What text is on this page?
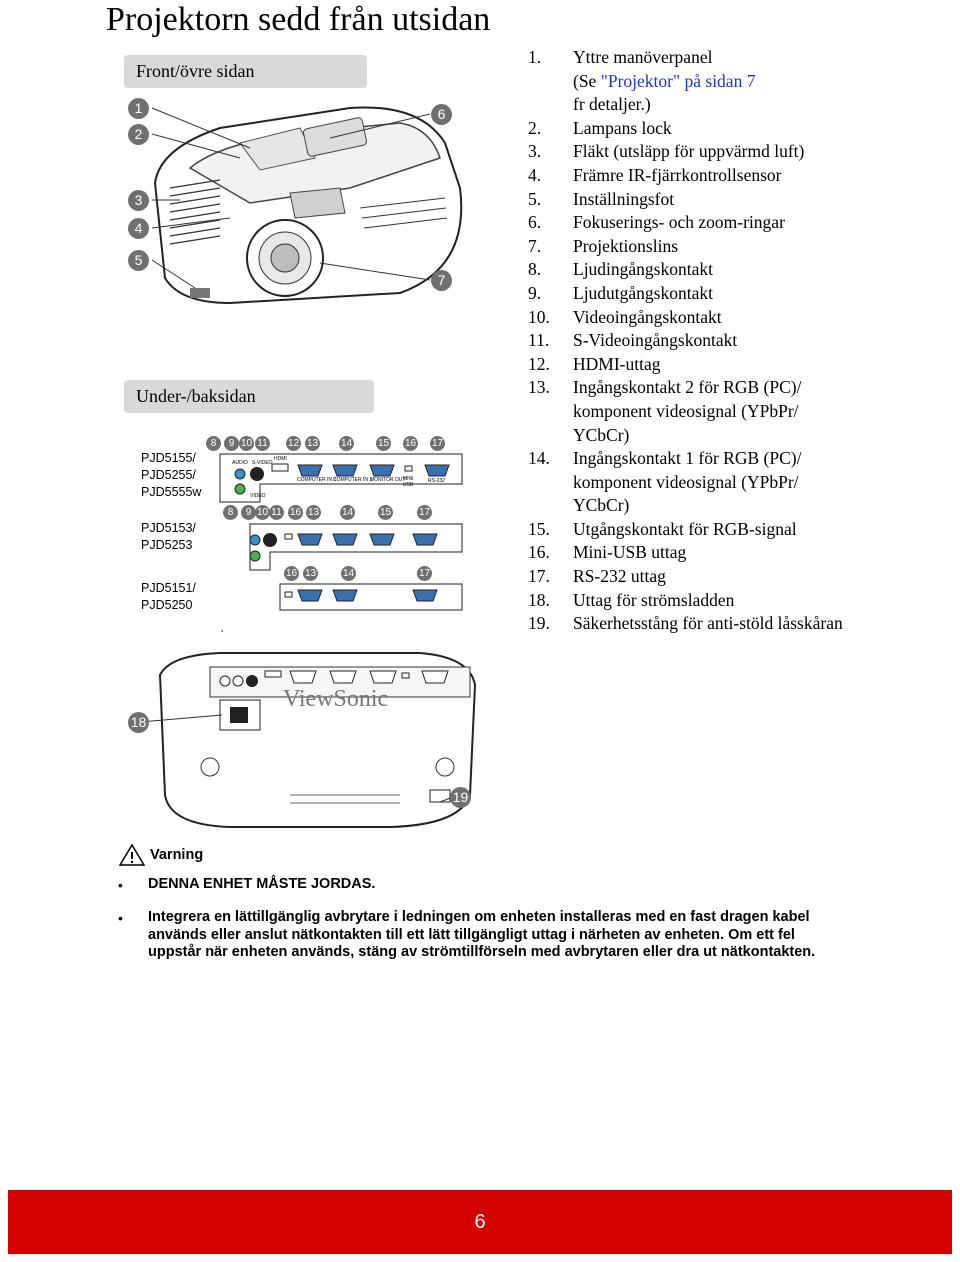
Projektorn sedd från utsidan
Front/övre sidan
1
2
3
4
5
6
7
Under-/baksidan
PJD5155/
PJD5255/
PJD5555w
PJD5153/
PJD5253
PJD5151/
PJD5250
AUDIO S-VIDEO
VIDEO
HDMI
COMPUTER IN 2
COMPUTER IN 1
MONITOR OUT
MINI USB
RS-232
8	9 10 11 12 13 14	15 16 17
8	9 10 11 16 13 14	15	17
16 13	14	17
ViewSonic
18
19
1. Yttre manöverpanel
(Se "Projektor" på sidan 7
fr detaljer.)
2. Lampans lock
3. Fläkt (utsläpp för uppvärmd luft)
4. Främre IR-fjärrkontrollsensor
5. Inställningsfot
6. Fokuserings- och zoom-ringar
7. Projektionslins
8. Ljudingångskontakt
9. Ljudutgångskontakt
10. Videoingångskontakt
11. S-Videoingångskontakt
12. HDMI-uttag
13. Ingångskontakt 2 för RGB (PC)/ komponent videosignal (YPbPr/ YCbCr)
14. Ingångskontakt 1 för RGB (PC)/ komponent videosignal (YPbPr/ YCbCr)
15. Utgångskontakt för RGB-signal
16. Mini-USB uttag
17. RS-232 uttag
18. Uttag för strömsladden
19. Säkerhetsstång för anti-stöld låsskåran
Varning
• DENNA ENHET MÅSTE JORDAS.
• Integrera en lättillgänglig avbrytare i ledningen om enheten installeras med en fast dragen kabel används eller anslut nätkontakten till ett lätt tillgängligt uttag i närheten av enheten. Om ett fel uppstår när enheten används, stäng av strömtillförseln med avbrytaren eller dra ut nätkontakten.
6
